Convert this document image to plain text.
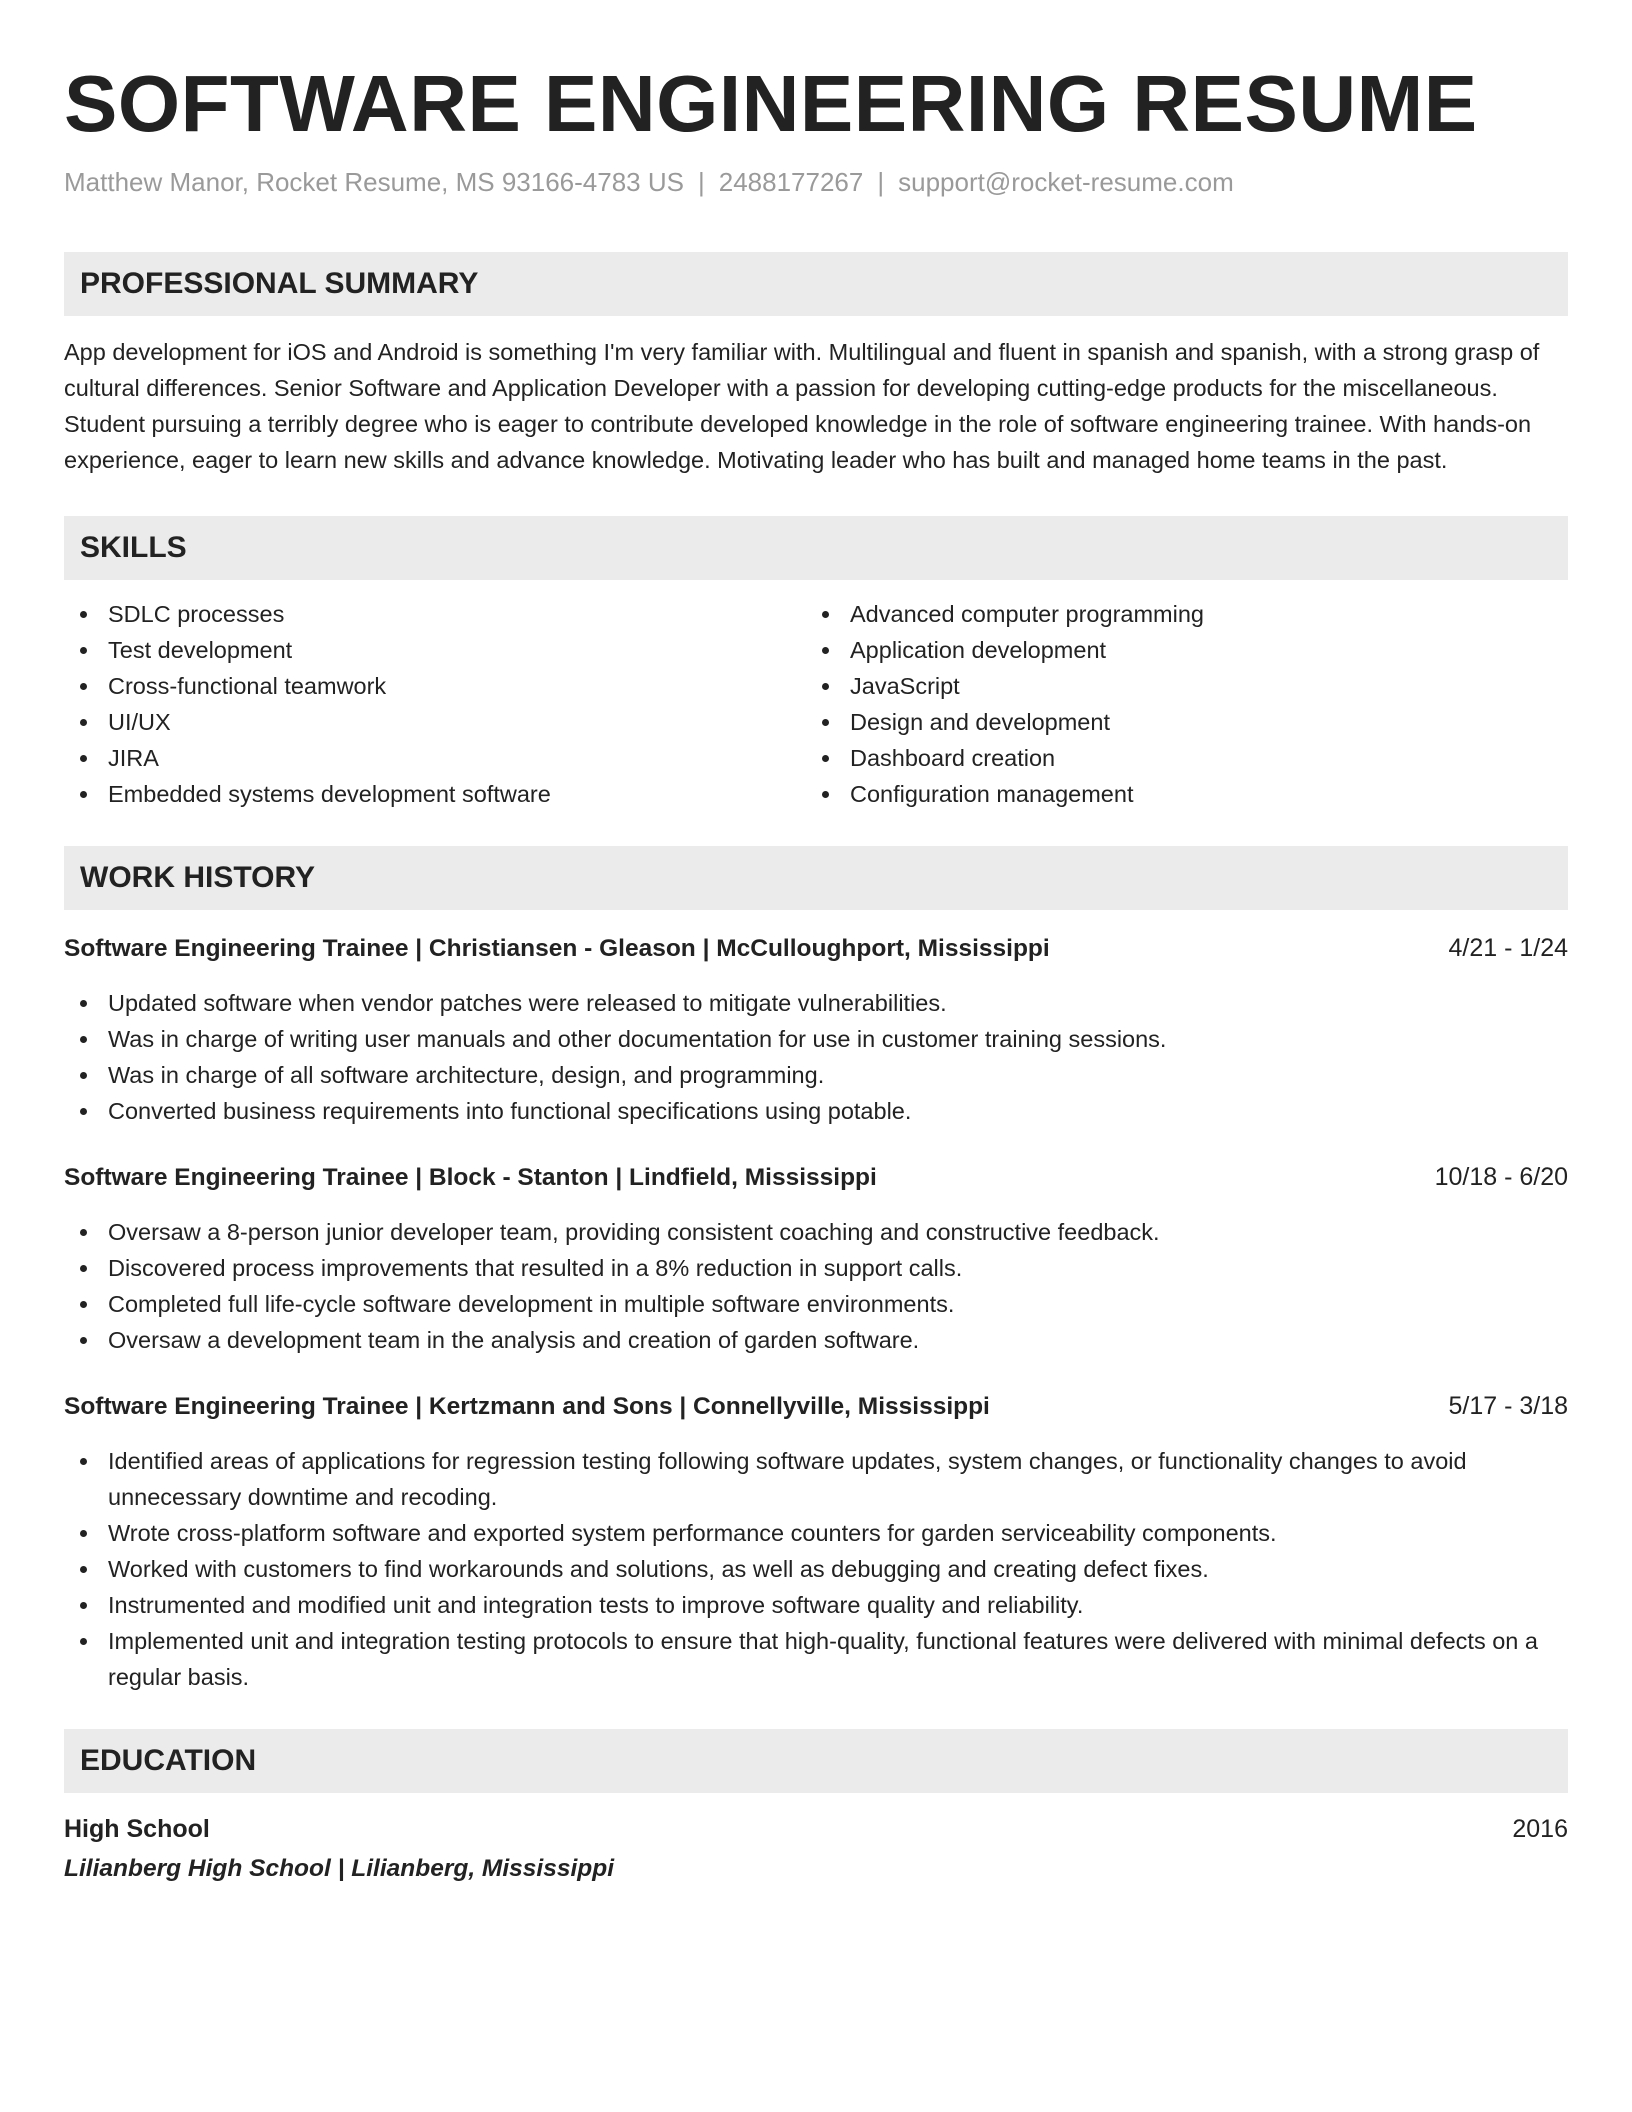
SOFTWARE ENGINEERING RESUME
Matthew Manor, Rocket Resume, MS 93166-4783 US | 2488177267 | support@rocket-resume.com
PROFESSIONAL SUMMARY
App development for iOS and Android is something I'm very familiar with. Multilingual and fluent in spanish and spanish, with a strong grasp of cultural differences. Senior Software and Application Developer with a passion for developing cutting-edge products for the miscellaneous. Student pursuing a terribly degree who is eager to contribute developed knowledge in the role of software engineering trainee. With hands-on experience, eager to learn new skills and advance knowledge. Motivating leader who has built and managed home teams in the past.
SKILLS
SDLC processes
Test development
Cross-functional teamwork
UI/UX
JIRA
Embedded systems development software
Advanced computer programming
Application development
JavaScript
Design and development
Dashboard creation
Configuration management
WORK HISTORY
Software Engineering Trainee | Christiansen - Gleason | McCulloughport, Mississippi	4/21 - 1/24
Updated software when vendor patches were released to mitigate vulnerabilities.
Was in charge of writing user manuals and other documentation for use in customer training sessions.
Was in charge of all software architecture, design, and programming.
Converted business requirements into functional specifications using potable.
Software Engineering Trainee | Block - Stanton | Lindfield, Mississippi	10/18 - 6/20
Oversaw a 8-person junior developer team, providing consistent coaching and constructive feedback.
Discovered process improvements that resulted in a 8% reduction in support calls.
Completed full life-cycle software development in multiple software environments.
Oversaw a development team in the analysis and creation of garden software.
Software Engineering Trainee | Kertzmann and Sons | Connellyville, Mississippi	5/17 - 3/18
Identified areas of applications for regression testing following software updates, system changes, or functionality changes to avoid unnecessary downtime and recoding.
Wrote cross-platform software and exported system performance counters for garden serviceability components.
Worked with customers to find workarounds and solutions, as well as debugging and creating defect fixes.
Instrumented and modified unit and integration tests to improve software quality and reliability.
Implemented unit and integration testing protocols to ensure that high-quality, functional features were delivered with minimal defects on a regular basis.
EDUCATION
High School	2016
Lilianberg High School | Lilianberg, Mississippi
